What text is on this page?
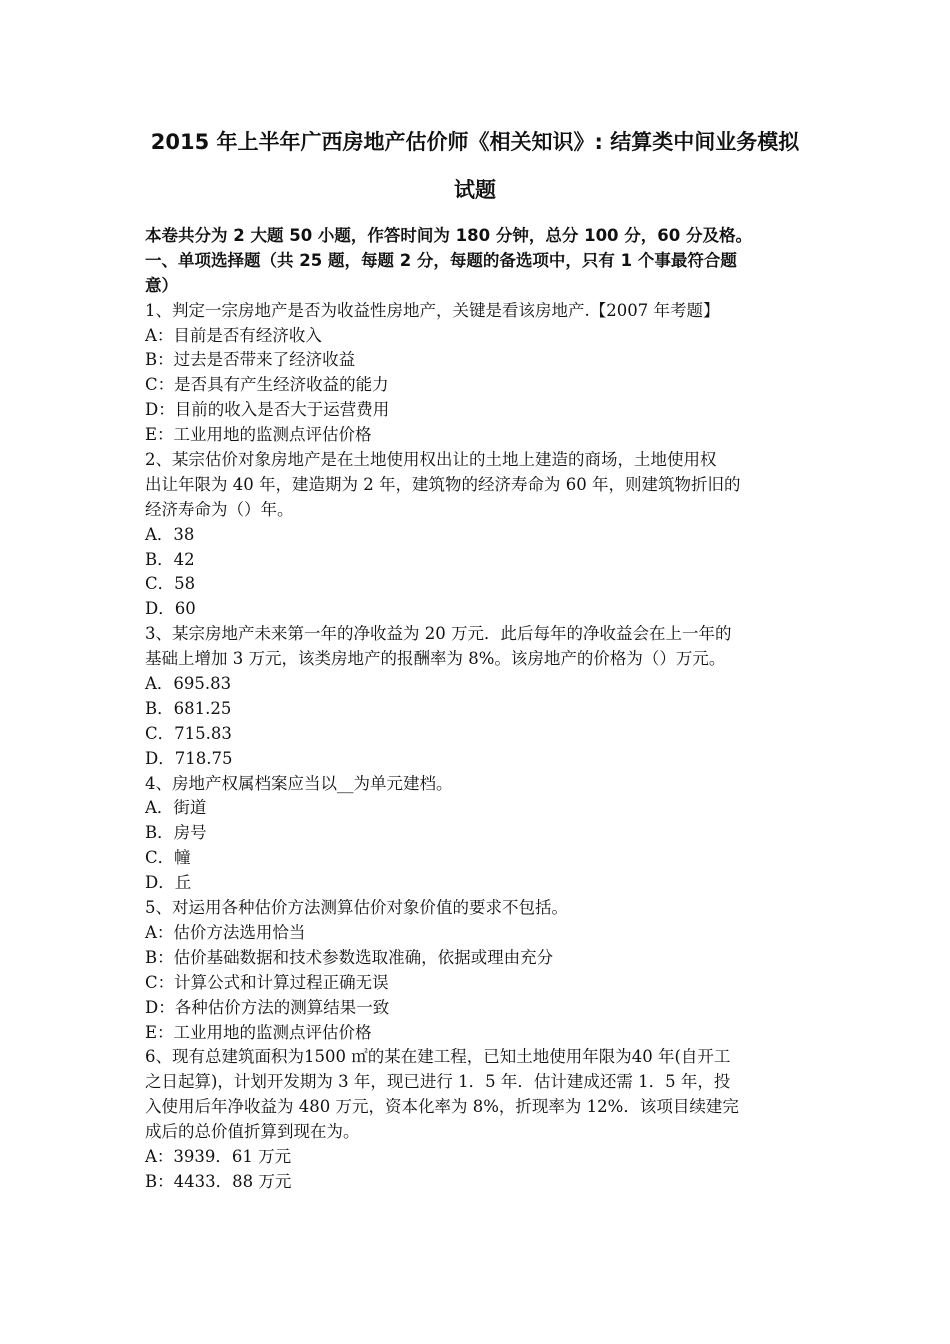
2015 年上半年广西房地产估价师《相关知识》: 结算类中间业务模拟
试题
本卷共分为 2 大题 50 小题，作答时间为 180 分钟，总分 100 分，60 分及格。
一、单项选择题（共 25 题，每题 2 分，每题的备选项中，只有 1 个事最符合题
意）
1、判定一宗房地产是否为收益性房地产，关键是看该房地产.【2007 年考题】
A：目前是否有经济收入
B：过去是否带来了经济收益
C：是否具有产生经济收益的能力
D：目前的收入是否大于运营费用
E：工业用地的监测点评估价格
2、某宗估价对象房地产是在土地使用权出让的土地上建造的商场，土地使用权
出让年限为 40 年，建造期为 2 年，建筑物的经济寿命为 60 年，则建筑物折旧的
经济寿命为（）年。
A．38
B．42
C．58
D．60
3、某宗房地产未来第一年的净收益为 20 万元．此后每年的净收益会在上一年的
基础上增加 3 万元，该类房地产的报酬率为 8%。该房地产的价格为（）万元。
A．695.83
B．681.25
C．715.83
D．718.75
4、房地产权属档案应当以__为单元建档。
A．街道
B．房号
C．幢
D．丘
5、对运用各种估价方法测算估价对象价值的要求不包括。
A：估价方法选用恰当
B：估价基础数据和技术参数选取准确，依据或理由充分
C：计算公式和计算过程正确无误
D：各种估价方法的测算结果一致
E：工业用地的监测点评估价格
6、现有总建筑面积为1500 ㎡的某在建工程，已知土地使用年限为40 年(自开工
之日起算)，计划开发期为 3 年，现已进行 1．5 年．估计建成还需 1．5 年，投
入使用后年净收益为 480 万元，资本化率为 8%，折现率为 12%．该项目续建完
成后的总价值折算到现在为。
A：3939．61 万元
B：4433．88 万元
